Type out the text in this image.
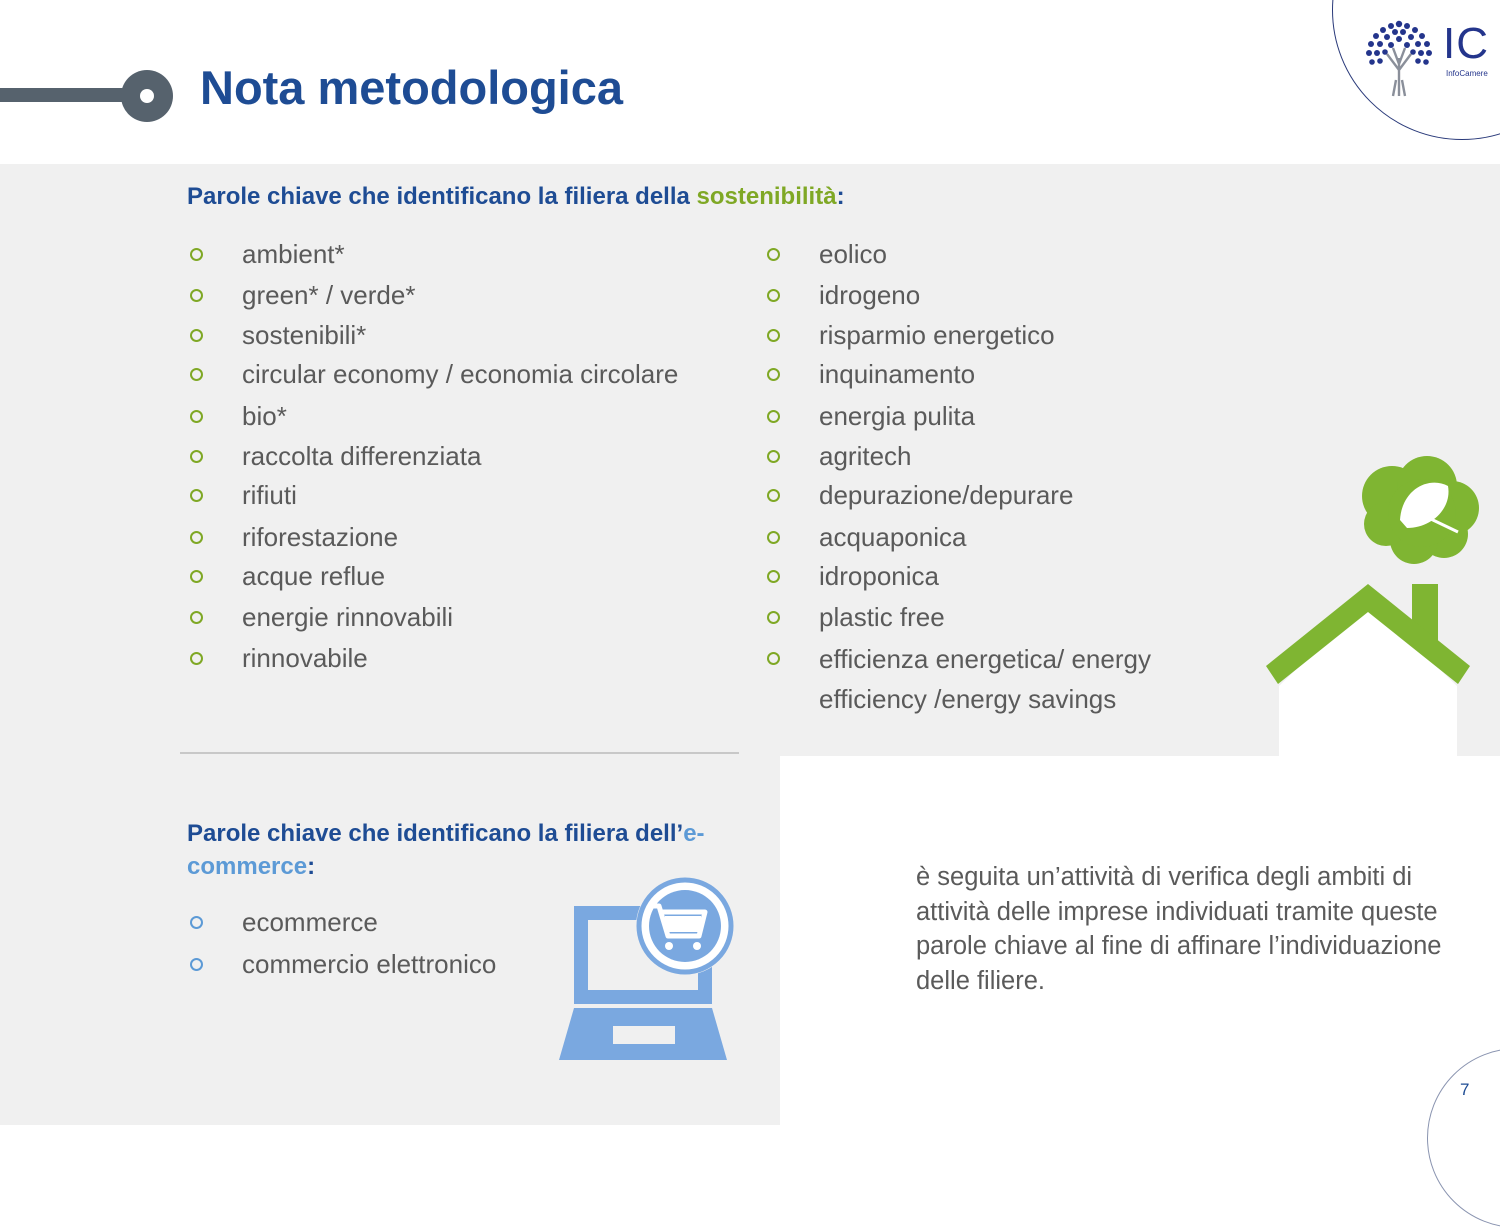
Nota metodologica
IC
InfoCamere
Parole chiave che identificano la filiera della sostenibilità:
ambient*
green* / verde*
sostenibili*
circular economy / economia circolare
bio*
raccolta differenziata
rifiuti
riforestazione
acque reflue
energie rinnovabili
rinnovabile
eolico
idrogeno
risparmio energetico
inquinamento
energia pulita
agritech
depurazione/depurare
acquaponica
idroponica
plastic free
efficienza energetica/ energy efficiency /energy savings
Parole chiave che identificano la filiera dell’e-commerce:
ecommerce
commercio elettronico
è seguita un’attività di verifica degli ambiti di attività delle imprese individuati tramite queste parole chiave al fine di affinare l’individuazione delle filiere.
7
